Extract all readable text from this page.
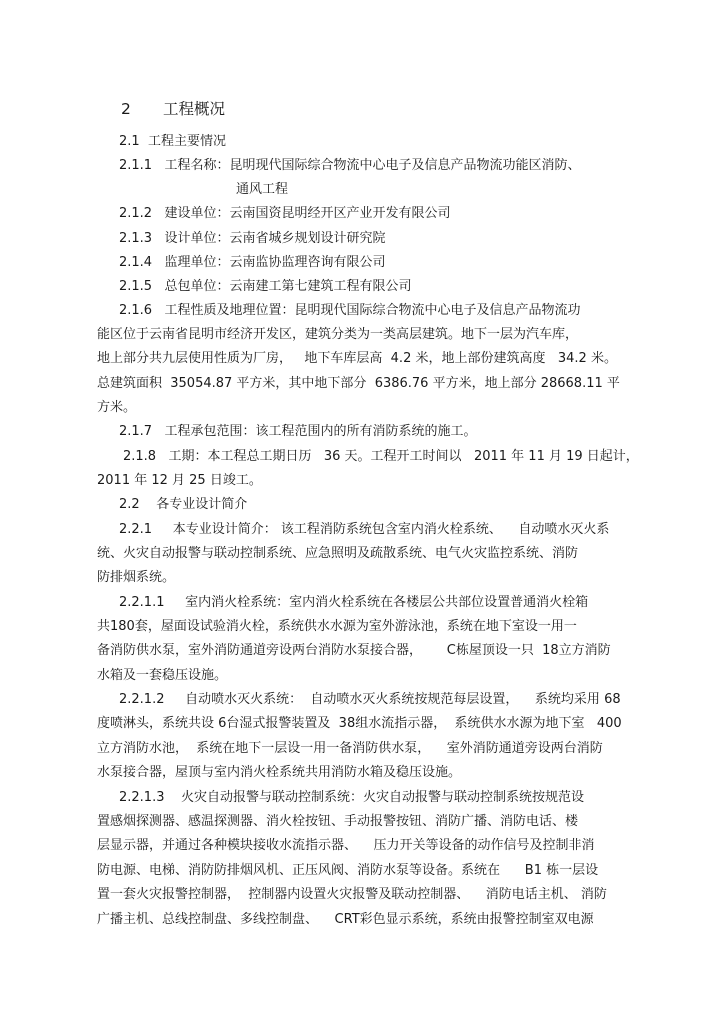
2 工程概况
2.1  工程主要情况
2.1.1   工程名称：昆明现代国际综合物流中心电子及信息产品物流功能区消防、
通风工程
2.1.2   建设单位：云南国资昆明经开区产业开发有限公司
2.1.3   设计单位：云南省城乡规划设计研究院
2.1.4   监理单位：云南监协监理咨询有限公司
2.1.5   总包单位：云南建工第七建筑工程有限公司
2.1.6   工程性质及地理位置：昆明现代国际综合物流中心电子及信息产品物流功
能区位于云南省昆明市经济开发区，建筑分类为一类高层建筑。地下一层为汽车库，
地上部分共九层使用性质为厂房，   地下车库层高  4.2 米，地上部份建筑高度   34.2 米。
总建筑面积  35054.87 平方米，其中地下部分  6386.76 平方米，地上部分 28668.11 平
方米。
2.1.7   工程承包范围：该工程范围内的所有消防系统的施工。
2.1.8   工期：本工程总工期日历   36 天。工程开工时间以   2011 年 11 月 19 日起计，
2011 年 12 月 25 日竣工。
2.2    各专业设计简介
2.2.1     本专业设计简介： 该工程消防系统包含室内消火栓系统、    自动喷水灭火系
统、火灾自动报警与联动控制系统、应急照明及疏散系统、电气火灾监控系统、消防
防排烟系统。
2.2.1.1     室内消火栓系统：室内消火栓系统在各楼层公共部位设置普通消火栓箱
共180套，屋面设试验消火栓，系统供水水源为室外游泳池，系统在地下室设一用一
备消防供水泵，室外消防通道旁设两台消防水泵接合器，      C栋屋顶设一只  18立方消防
水箱及一套稳压设施。
2.2.1.2     自动喷水灭火系统：  自动喷水灭火系统按规范每层设置，    系统均采用 68
度喷淋头，系统共设 6台湿式报警装置及  38组水流指示器，  系统供水水源为地下室   400
立方消防水池，  系统在地下一层设一用一备消防供水泵，    室外消防通道旁设两台消防
水泵接合器，屋顶与室内消火栓系统共用消防水箱及稳压设施。
2.2.1.3    火灾自动报警与联动控制系统：火灾自动报警与联动控制系统按规范设
置感烟探测器、感温探测器、消火栓按钮、手动报警按钮、消防广播、消防电话、楼
层显示器，并通过各种模块接收水流指示器、    压力开关等设备的动作信号及控制非消
防电源、电梯、消防防排烟风机、正压风阀、消防水泵等设备。系统在      B1 栋一层设
置一套火灾报警控制器，  控制器内设置火灾报警及联动控制器、    消防电话主机、 消防
广播主机、总线控制盘、多线控制盘、    CRT彩色显示系统，系统由报警控制室双电源
